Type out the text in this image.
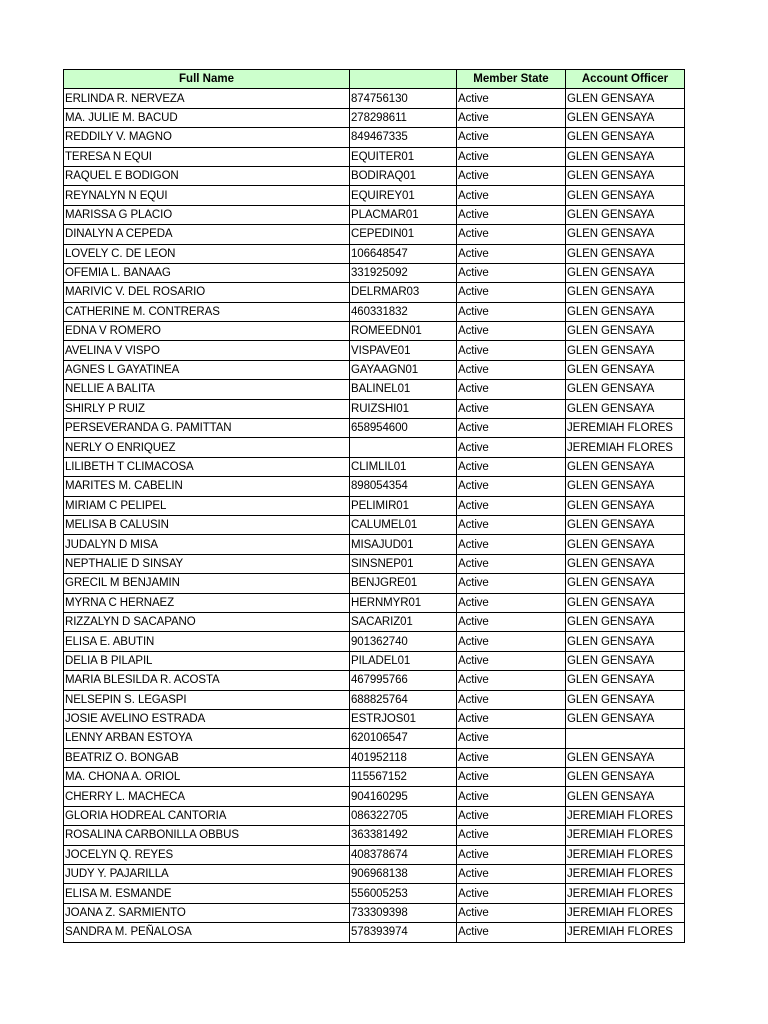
Full Name		Member State	Account Officer
ERLINDA R. NERVEZA	874756130	Active	GLEN GENSAYA
MA. JULIE M. BACUD	278298611	Active	GLEN GENSAYA
REDDILY V. MAGNO	849467335	Active	GLEN GENSAYA
TERESA N EQUI	EQUITER01	Active	GLEN GENSAYA
RAQUEL E BODIGON	BODIRAQ01	Active	GLEN GENSAYA
REYNALYN N EQUI	EQUIREY01	Active	GLEN GENSAYA
MARISSA G PLACIO	PLACMAR01	Active	GLEN GENSAYA
DINALYN A CEPEDA	CEPEDIN01	Active	GLEN GENSAYA
LOVELY C. DE LEON	106648547	Active	GLEN GENSAYA
OFEMIA L. BANAAG	331925092	Active	GLEN GENSAYA
MARIVIC V. DEL ROSARIO	DELRMAR03	Active	GLEN GENSAYA
CATHERINE M. CONTRERAS	460331832	Active	GLEN GENSAYA
EDNA V ROMERO	ROMEEDN01	Active	GLEN GENSAYA
AVELINA V VISPO	VISPAVE01	Active	GLEN GENSAYA
AGNES L GAYATINEA	GAYAAGN01	Active	GLEN GENSAYA
NELLIE A BALITA	BALINEL01	Active	GLEN GENSAYA
SHIRLY P RUIZ	RUIZSHI01	Active	GLEN GENSAYA
PERSEVERANDA G. PAMITTAN	658954600	Active	JEREMIAH FLORES
NERLY O ENRIQUEZ		Active	JEREMIAH FLORES
LILIBETH T CLIMACOSA	CLIMLIL01	Active	GLEN GENSAYA
MARITES M. CABELIN	898054354	Active	GLEN GENSAYA
MIRIAM C PELIPEL	PELIMIR01	Active	GLEN GENSAYA
MELISA B CALUSIN	CALUMEL01	Active	GLEN GENSAYA
JUDALYN D MISA	MISAJUD01	Active	GLEN GENSAYA
NEPTHALIE D SINSAY	SINSNEP01	Active	GLEN GENSAYA
GRECIL M BENJAMIN	BENJGRE01	Active	GLEN GENSAYA
MYRNA C HERNAEZ	HERNMYR01	Active	GLEN GENSAYA
RIZZALYN D SACAPANO	SACARIZ01	Active	GLEN GENSAYA
ELISA E. ABUTIN	901362740	Active	GLEN GENSAYA
DELIA B PILAPIL	PILADEL01	Active	GLEN GENSAYA
MARIA BLESILDA R. ACOSTA	467995766	Active	GLEN GENSAYA
NELSEPIN S. LEGASPI	688825764	Active	GLEN GENSAYA
JOSIE AVELINO ESTRADA	ESTRJOS01	Active	GLEN GENSAYA
LENNY ARBAN ESTOYA	620106547	Active	
BEATRIZ O. BONGAB	401952118	Active	GLEN GENSAYA
MA. CHONA A. ORIOL	115567152	Active	GLEN GENSAYA
CHERRY L. MACHECA	904160295	Active	GLEN GENSAYA
GLORIA HODREAL CANTORIA	086322705	Active	JEREMIAH FLORES
ROSALINA CARBONILLA OBBUS	363381492	Active	JEREMIAH FLORES
JOCELYN Q. REYES	408378674	Active	JEREMIAH FLORES
JUDY Y. PAJARILLA	906968138	Active	JEREMIAH FLORES
ELISA M. ESMANDE	556005253	Active	JEREMIAH FLORES
JOANA Z. SARMIENTO	733309398	Active	JEREMIAH FLORES
SANDRA M. PEÑALOSA	578393974	Active	JEREMIAH FLORES
